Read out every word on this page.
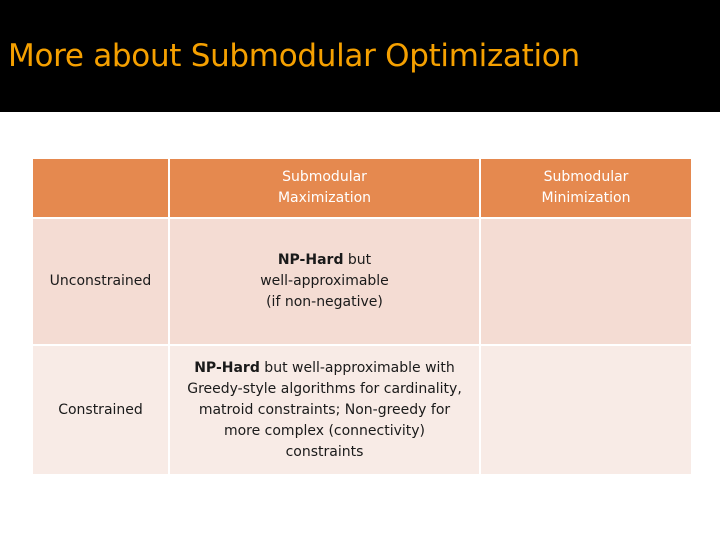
More about Submodular Optimization

	Submodular
Maximization	Submodular
Minimization

Unconstrained	NP-Hard but
well-approximable
(if non-negative)	

Constrained	NP-Hard but well-approximable with
Greedy-style algorithms for cardinality,
matroid constraints; Non-greedy for
more complex (connectivity)
constraints	
